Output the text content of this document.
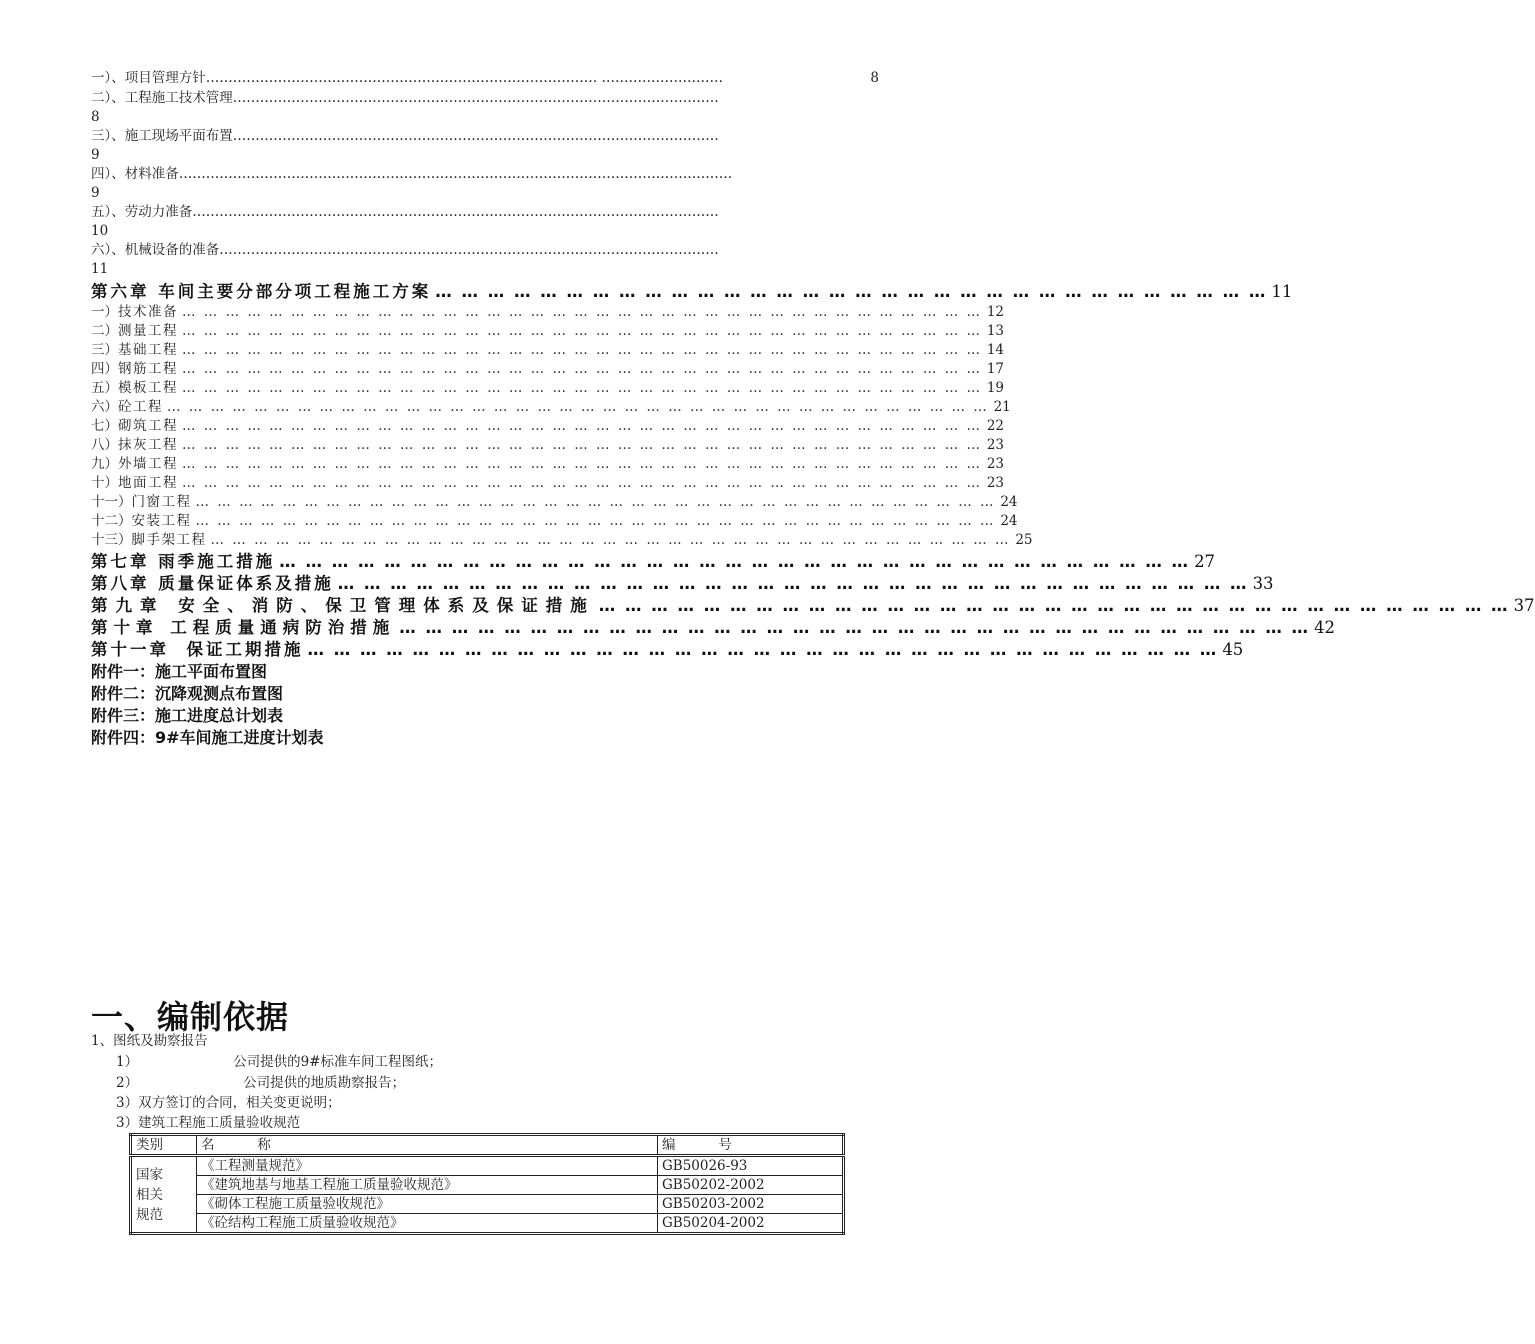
一）、项目管理方针…………………………………………………………………………… ………………………	8
二）、工程施工技术管理………………………………………………………………………………………………
8
三）、施工现场平面布置………………………………………………………………………………………………
9
四）、材料准备……………………………………………………………………………………………………………
9
五）、劳动力准备………………………………………………………………………………………………………
10
六）、机械设备的准备…………………………………………………………………………………………………
11
第六章 车间主要分部分项工程施工方案 … … … … … … … … … … … … … … … … … … … … … … … … … … … … … … … … 11
一） 技术准备 … … … … … … … … … … … … … … … … … … … … … … … … … … … … … … … … … … … … … 12
二） 测量工程 … … … … … … … … … … … … … … … … … … … … … … … … … … … … … … … … … … … … … 13
三） 基础工程 … … … … … … … … … … … … … … … … … … … … … … … … … … … … … … … … … … … … … 14
四） 钢筋工程 … … … … … … … … … … … … … … … … … … … … … … … … … … … … … … … … … … … … … 17
五） 模板工程 … … … … … … … … … … … … … … … … … … … … … … … … … … … … … … … … … … … … … 19
六） 砼工程 … … … … … … … … … … … … … … … … … … … … … … … … … … … … … … … … … … … … … … 21
七） 砌筑工程 … … … … … … … … … … … … … … … … … … … … … … … … … … … … … … … … … … … … … 22
八） 抹灰工程 … … … … … … … … … … … … … … … … … … … … … … … … … … … … … … … … … … … … … 23
九） 外墙工程 … … … … … … … … … … … … … … … … … … … … … … … … … … … … … … … … … … … … … 23
十） 地面工程 … … … … … … … … … … … … … … … … … … … … … … … … … … … … … … … … … … … … … 23
十一） 门窗工程 … … … … … … … … … … … … … … … … … … … … … … … … … … … … … … … … … … … … … 24
十二） 安装工程 … … … … … … … … … … … … … … … … … … … … … … … … … … … … … … … … … … … … … 24
十三） 脚手架工程 … … … … … … … … … … … … … … … … … … … … … … … … … … … … … … … … … … … … … 25
第七章 雨季施工措施 … … … … … … … … … … … … … … … … … … … … … … … … … … … … … … … … … … … 27
第八章 质量保证体系及措施 … … … … … … … … … … … … … … … … … … … … … … … … … … … … … … … … … … … 33
第九章 安全、消防、保卫管理体系及保证措施 … … … … … … … … … … … … … … … … … … … … … … … … … … … … … … … … … … … 37
第十章 工程质量通病防治措施 … … … … … … … … … … … … … … … … … … … … … … … … … … … … … … … … … … … 42
第十一章  保证工期措施 … … … … … … … … … … … … … … … … … … … … … … … … … … … … … … … … … … … 45
附件一：施工平面布置图
附件二：沉降观测点布置图
附件三：施工进度总计划表
附件四：9#车间施工进度计划表
一、编制依据
1、图纸及勘察报告
1）	公司提供的9#标准车间工程图纸；
2）	公司提供的地质勘察报告；
3）双方签订的合同，相关变更说明；
3）建筑工程施工质量验收规范
类别	名          称	编          号

国家
相关
规范	《工程测量规范》	GB50026-93
	《建筑地基与地基工程施工质量验收规范》	GB50202-2002
	《砌体工程施工质量验收规范》	GB50203-2002
	《砼结构工程施工质量验收规范》	GB50204-2002
